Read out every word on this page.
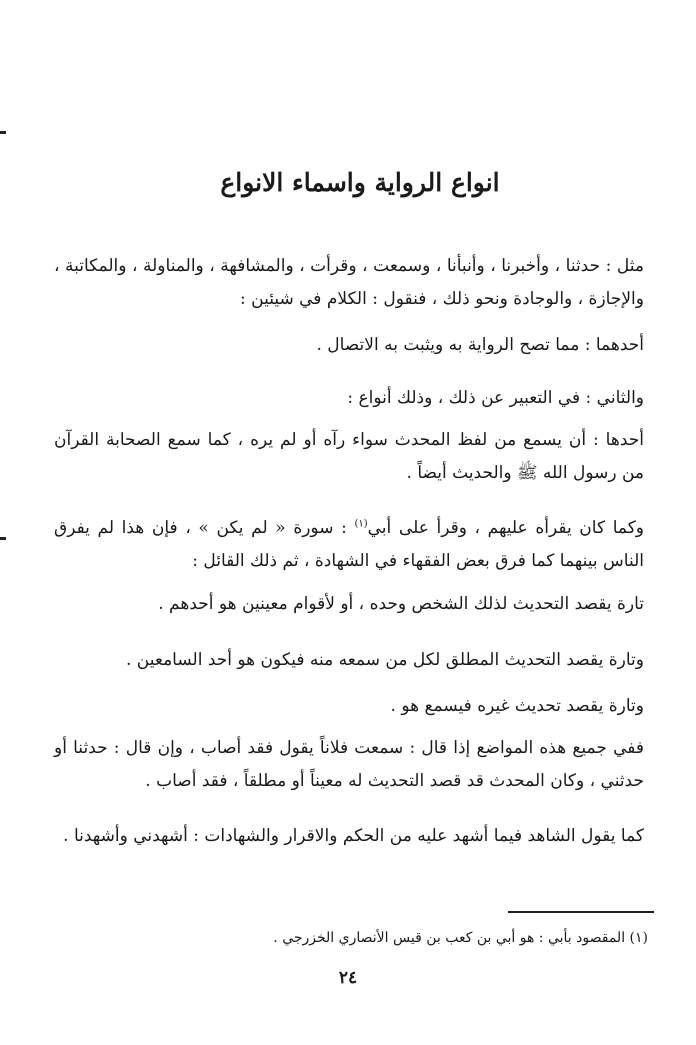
انواع الرواية واسماء الانواع
مثل : حدثنا ، وأخبرنا ، وأنبأنا ، وسمعت ، وقرأت ، والمشافهة ، والمناولة ، والمكاتبة ، والإجازة ، والوجادة ونحو ذلك ، فنقول : الكلام في شيئين :
أحدهما : مما تصح الرواية به ويثبت به الاتصال .
والثاني : في التعبير عن ذلك ، وذلك أنواع :
أحدها : أن يسمع من لفظ المحدث سواء رآه أو لم يره ، كما سمع الصحابة القرآن من رسول الله ﷺ والحديث أيضاً .
وكما كان يقرأه عليهم ، وقرأ على أبي$^{(١)}$ : سورة « لم يكن » ، فإن هذا لم يفرق الناس بينهما كما فرق بعض الفقهاء في الشهادة ، ثم ذلك القائل :
تارة يقصد التحديث لذلك الشخص وحده ، أو لأقوام معينين هو أحدهم .
وتارة يقصد التحديث المطلق لكل من سمعه منه فيكون هو أحد السامعين .
وتارة يقصد تحديث غيره فيسمع هو .
ففي جميع هذه المواضع إذا قال : سمعت فلاناً يقول فقد أصاب ، وإن قال : حدثنا أو حدثني ، وكان المحدث قد قصد التحديث له معيناً أو مطلقاً ، فقد أصاب .
كما يقول الشاهد فيما أشهد عليه من الحكم والاقرار والشهادات : أشهدني وأشهدنا .
(١) المقصود بأبي : هو أبي بن كعب بن قيس الأنصاري الخزرجي .
٢٤
